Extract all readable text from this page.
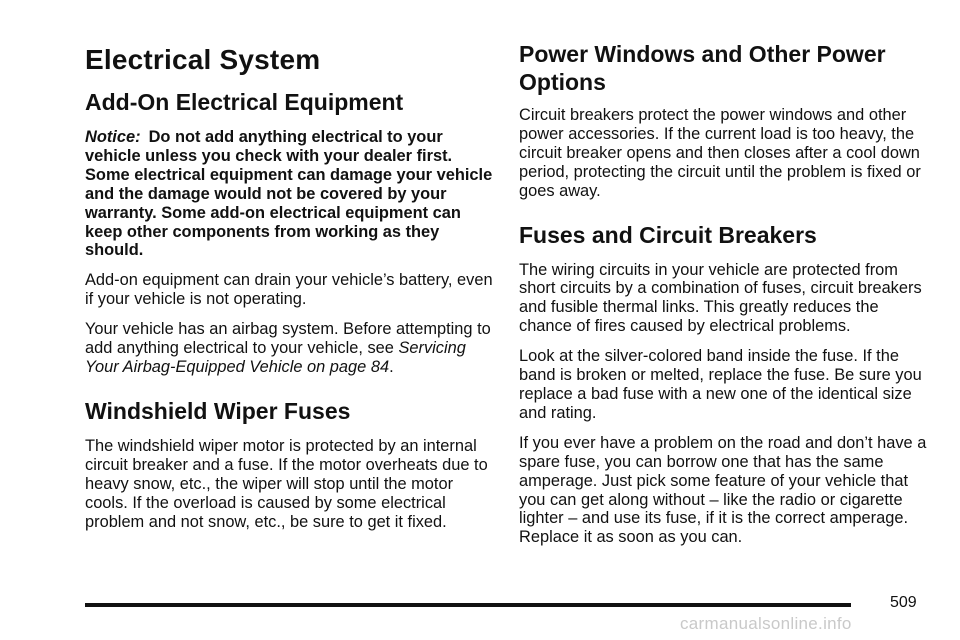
Electrical System
Add-On Electrical Equipment

Notice: Do not add anything electrical to your vehicle unless you check with your dealer first. Some electrical equipment can damage your vehicle and the damage would not be covered by your warranty. Some add-on electrical equipment can keep other components from working as they should.

Add-on equipment can drain your vehicle’s battery, even if your vehicle is not operating.

Your vehicle has an airbag system. Before attempting to add anything electrical to your vehicle, see Servicing Your Airbag-Equipped Vehicle on page 84.

Windshield Wiper Fuses

The windshield wiper motor is protected by an internal circuit breaker and a fuse. If the motor overheats due to heavy snow, etc., the wiper will stop until the motor cools. If the overload is caused by some electrical problem and not snow, etc., be sure to get it fixed.

Power Windows and Other Power Options

Circuit breakers protect the power windows and other power accessories. If the current load is too heavy, the circuit breaker opens and then closes after a cool down period, protecting the circuit until the problem is fixed or goes away.

Fuses and Circuit Breakers

The wiring circuits in your vehicle are protected from short circuits by a combination of fuses, circuit breakers and fusible thermal links. This greatly reduces the chance of fires caused by electrical problems.

Look at the silver-colored band inside the fuse. If the band is broken or melted, replace the fuse. Be sure you replace a bad fuse with a new one of the identical size and rating.

If you ever have a problem on the road and don’t have a spare fuse, you can borrow one that has the same amperage. Just pick some feature of your vehicle that you can get along without – like the radio or cigarette lighter – and use its fuse, if it is the correct amperage. Replace it as soon as you can.

509
carmanualsonline.info
